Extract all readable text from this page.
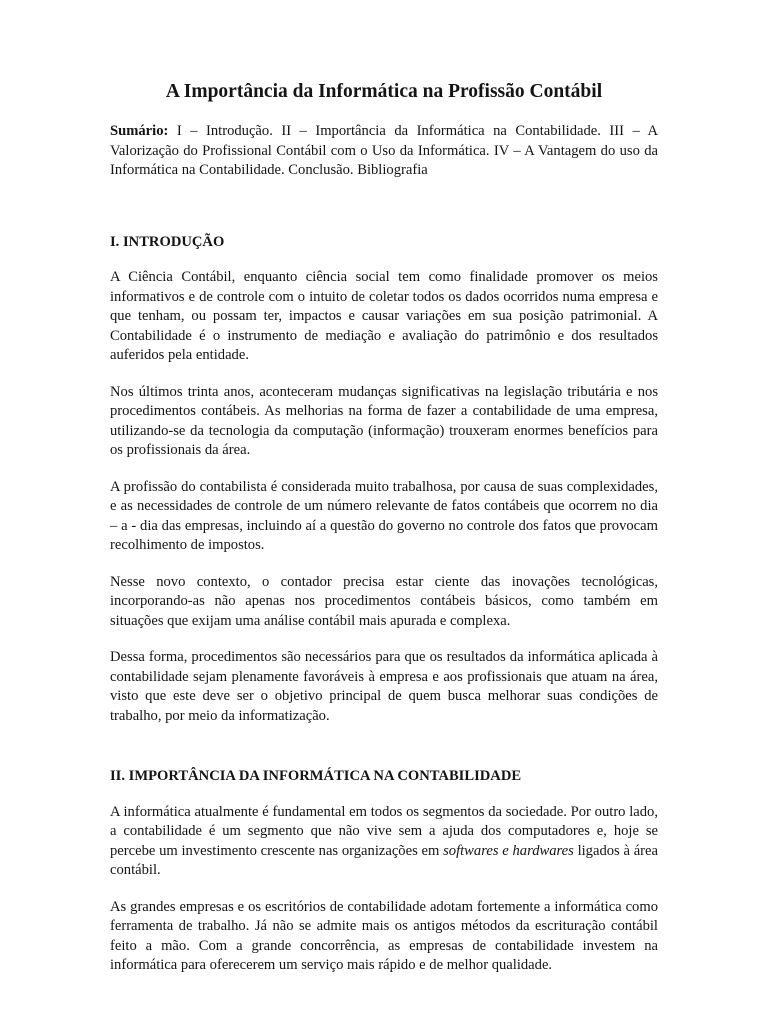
A Importância da Informática na Profissão Contábil

Sumário: I – Introdução. II – Importância da Informática na Contabilidade. III – A Valorização do Profissional Contábil com o Uso da Informática. IV – A Vantagem do uso da Informática na Contabilidade. Conclusão. Bibliografia

I. INTRODUÇÃO

A Ciência Contábil, enquanto ciência social tem como finalidade promover os meios informativos e de controle com o intuito de coletar todos os dados ocorridos numa empresa e que tenham, ou possam ter, impactos e causar variações em sua posição patrimonial. A Contabilidade é o instrumento de mediação e avaliação do patrimônio e dos resultados auferidos pela entidade.

Nos últimos trinta anos, aconteceram mudanças significativas na legislação tributária e nos procedimentos contábeis. As melhorias na forma de fazer a contabilidade de uma empresa, utilizando-se da tecnologia da computação (informação) trouxeram enormes benefícios para os profissionais da área.

A profissão do contabilista é considerada muito trabalhosa, por causa de suas complexidades, e as necessidades de controle de um número relevante de fatos contábeis que ocorrem no dia – a - dia das empresas, incluindo aí a questão do governo no controle dos fatos que provocam recolhimento de impostos.

Nesse novo contexto, o contador precisa estar ciente das inovações tecnológicas, incorporando-as não apenas nos procedimentos contábeis básicos, como também em situações que exijam uma análise contábil mais apurada e complexa.

Dessa forma, procedimentos são necessários para que os resultados da informática aplicada à contabilidade sejam plenamente favoráveis à empresa e aos profissionais que atuam na área, visto que este deve ser o objetivo principal de quem busca melhorar suas condições de trabalho, por meio da informatização.

II. IMPORTÂNCIA DA INFORMÁTICA NA CONTABILIDADE

A informática atualmente é fundamental em todos os segmentos da sociedade. Por outro lado, a contabilidade é um segmento que não vive sem a ajuda dos computadores e, hoje se percebe um investimento crescente nas organizações em softwares e hardwares ligados à área contábil.

As grandes empresas e os escritórios de contabilidade adotam fortemente a informática como ferramenta de trabalho. Já não se admite mais os antigos métodos da escrituração contábil feito a mão. Com a grande concorrência, as empresas de contabilidade investem na informática para oferecerem um serviço mais rápido e de melhor qualidade.
